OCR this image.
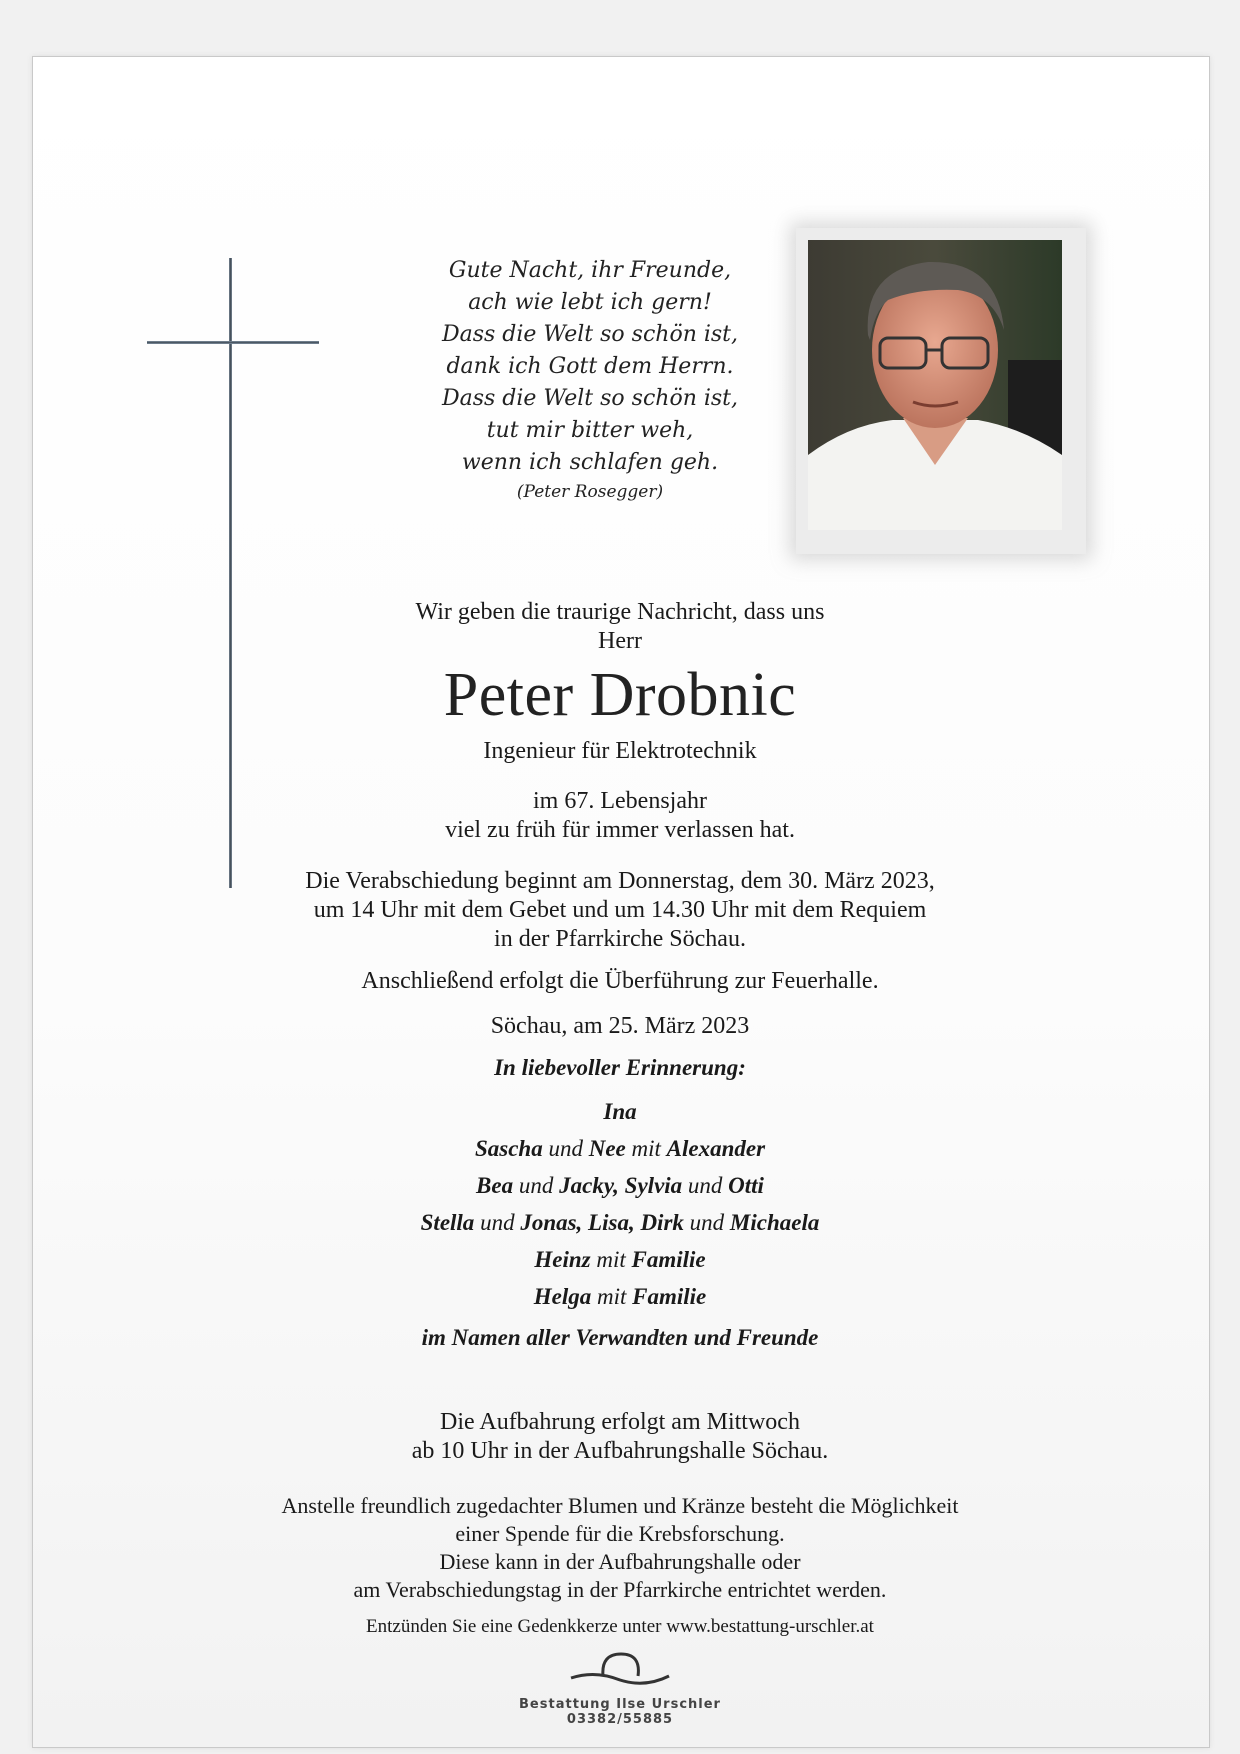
Gute Nacht, ihr Freunde,
ach wie lebt ich gern!
Dass die Welt so schön ist,
dank ich Gott dem Herrn.
Dass die Welt so schön ist,
tut mir bitter weh,
wenn ich schlafen geh.
(Peter Rosegger)
Wir geben die traurige Nachricht, dass uns
Herr
Peter Drobnic
Ingenieur für Elektrotechnik
im 67. Lebensjahr
viel zu früh für immer verlassen hat.
Die Verabschiedung beginnt am Donnerstag, dem 30. März 2023,
um 14 Uhr mit dem Gebet und um 14.30 Uhr mit dem Requiem
in der Pfarrkirche Söchau.
Anschließend erfolgt die Überführung zur Feuerhalle.
Söchau, am 25. März 2023
In liebevoller Erinnerung:
Ina
Sascha und Nee mit Alexander
Bea und Jacky, Sylvia und Otti
Stella und Jonas, Lisa, Dirk und Michaela
Heinz mit Familie
Helga mit Familie
im Namen aller Verwandten und Freunde
Die Aufbahrung erfolgt am Mittwoch
ab 10 Uhr in der Aufbahrungshalle Söchau.
Anstelle freundlich zugedachter Blumen und Kränze besteht die Möglichkeit
einer Spende für die Krebsforschung.
Diese kann in der Aufbahrungshalle oder
am Verabschiedungstag in der Pfarrkirche entrichtet werden.
Entzünden Sie eine Gedenkkerze unter www.bestattung-urschler.at
Bestattung Ilse Urschler
03382/55885
